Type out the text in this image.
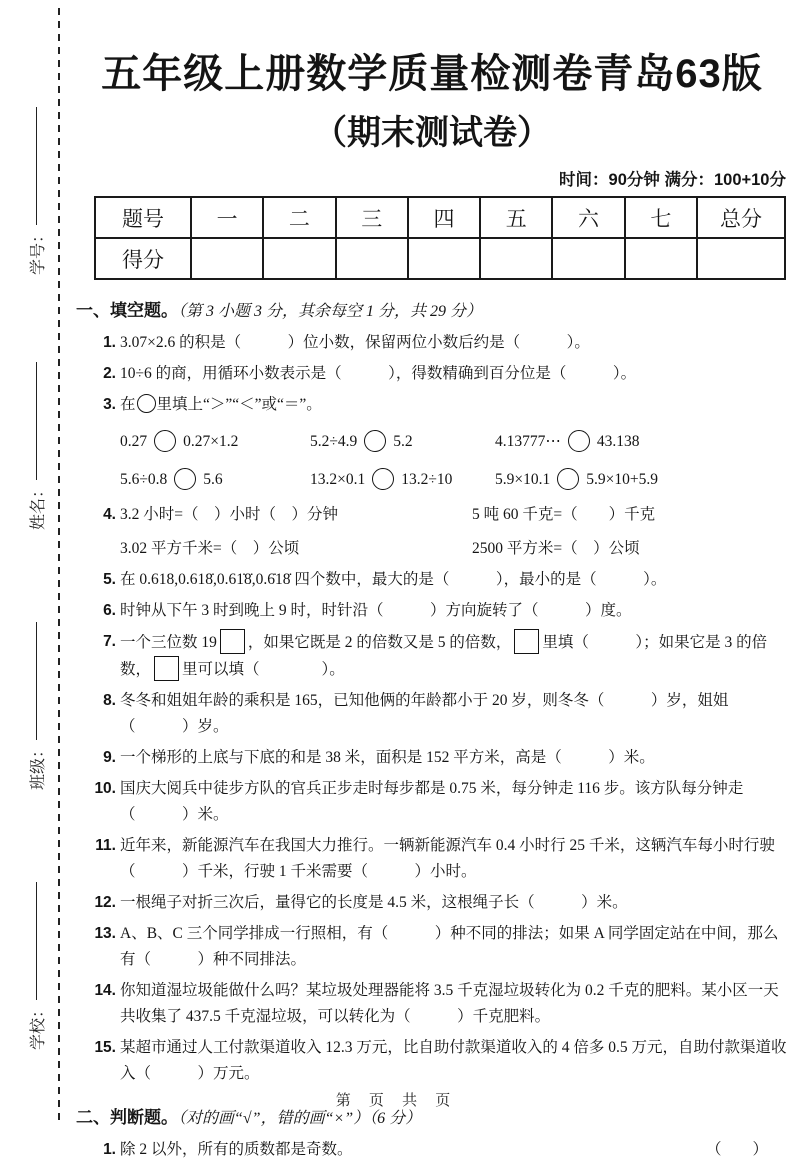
学号：
姓名：
班级：
学校：
五年级上册数学质量检测卷青岛63版
（期末测试卷）
时间：90分钟 满分：100+10分
题号	一	二	三	四	五	六	七	总分
得分								
一、填空题。（第 3 小题 3 分，其余每空 1 分，共 29 分）
1. 3.07×2.6 的积是（　　　）位小数，保留两位小数后约是（　　　）。
2. 10÷6 的商，用循环小数表示是（　　　），得数精确到百分位是（　　　）。
3. 在 里填上“＞”“＜”或“＝”。
0.27 0.27×1.2	5.2÷4.9 5.2	4.13777⋯ 43.138
5.6÷0.8 5.6	13.2×0.1 13.2÷10	5.9×10.1 5.9×10+5.9
4. 3.2 小时=（　）小时（　）分钟	5 吨 60 千克=（　　）千克
3.02 平方千米=（　）公顷	2500 平方米=（　）公顷
5. 在 0.618,0.618̇,0.61̇8̇,0.6̇18̇ 四个数中，最大的是（　　　），最小的是（　　　）。
6. 时钟从下午 3 时到晚上 9 时，时针沿（　　　）方向旋转了（　　　）度。
7. 一个三位数 19 ，如果它既是 2 的倍数又是 5 的倍数， 里填（　　　）；如果它是 3 的倍数， 里可以填（　　　　）。
8. 冬冬和姐姐年龄的乘积是 165，已知他俩的年龄都小于 20 岁，则冬冬（　　　）岁，姐姐（　　　）岁。
9. 一个梯形的上底与下底的和是 38 米，面积是 152 平方米，高是（　　　）米。
10. 国庆大阅兵中徒步方队的官兵正步走时每步都是 0.75 米，每分钟走 116 步。该方队每分钟走（　　　）米。
11. 近年来，新能源汽车在我国大力推行。一辆新能源汽车 0.4 小时行 25 千米，这辆汽车每小时行驶（　　　）千米，行驶 1 千米需要（　　　）小时。
12. 一根绳子对折三次后，量得它的长度是 4.5 米，这根绳子长（　　　）米。
13. A、B、C 三个同学排成一行照相，有（　　　）种不同的排法；如果 A 同学固定站在中间，那么有（　　　）种不同排法。
14. 你知道湿垃圾能做什么吗？某垃圾处理器能将 3.5 千克湿垃圾转化为 0.2 千克的肥料。某小区一天共收集了 437.5 千克湿垃圾，可以转化为（　　　）千克肥料。
15. 某超市通过人工付款渠道收入 12.3 万元，比自助付款渠道收入的 4 倍多 0.5 万元，自助付款渠道收入（　　　）万元。
二、判断题。（对的画“√”，错的画“×”）（6 分）
1. 除 2 以外，所有的质数都是奇数。	（　　）
第 页 共 页
